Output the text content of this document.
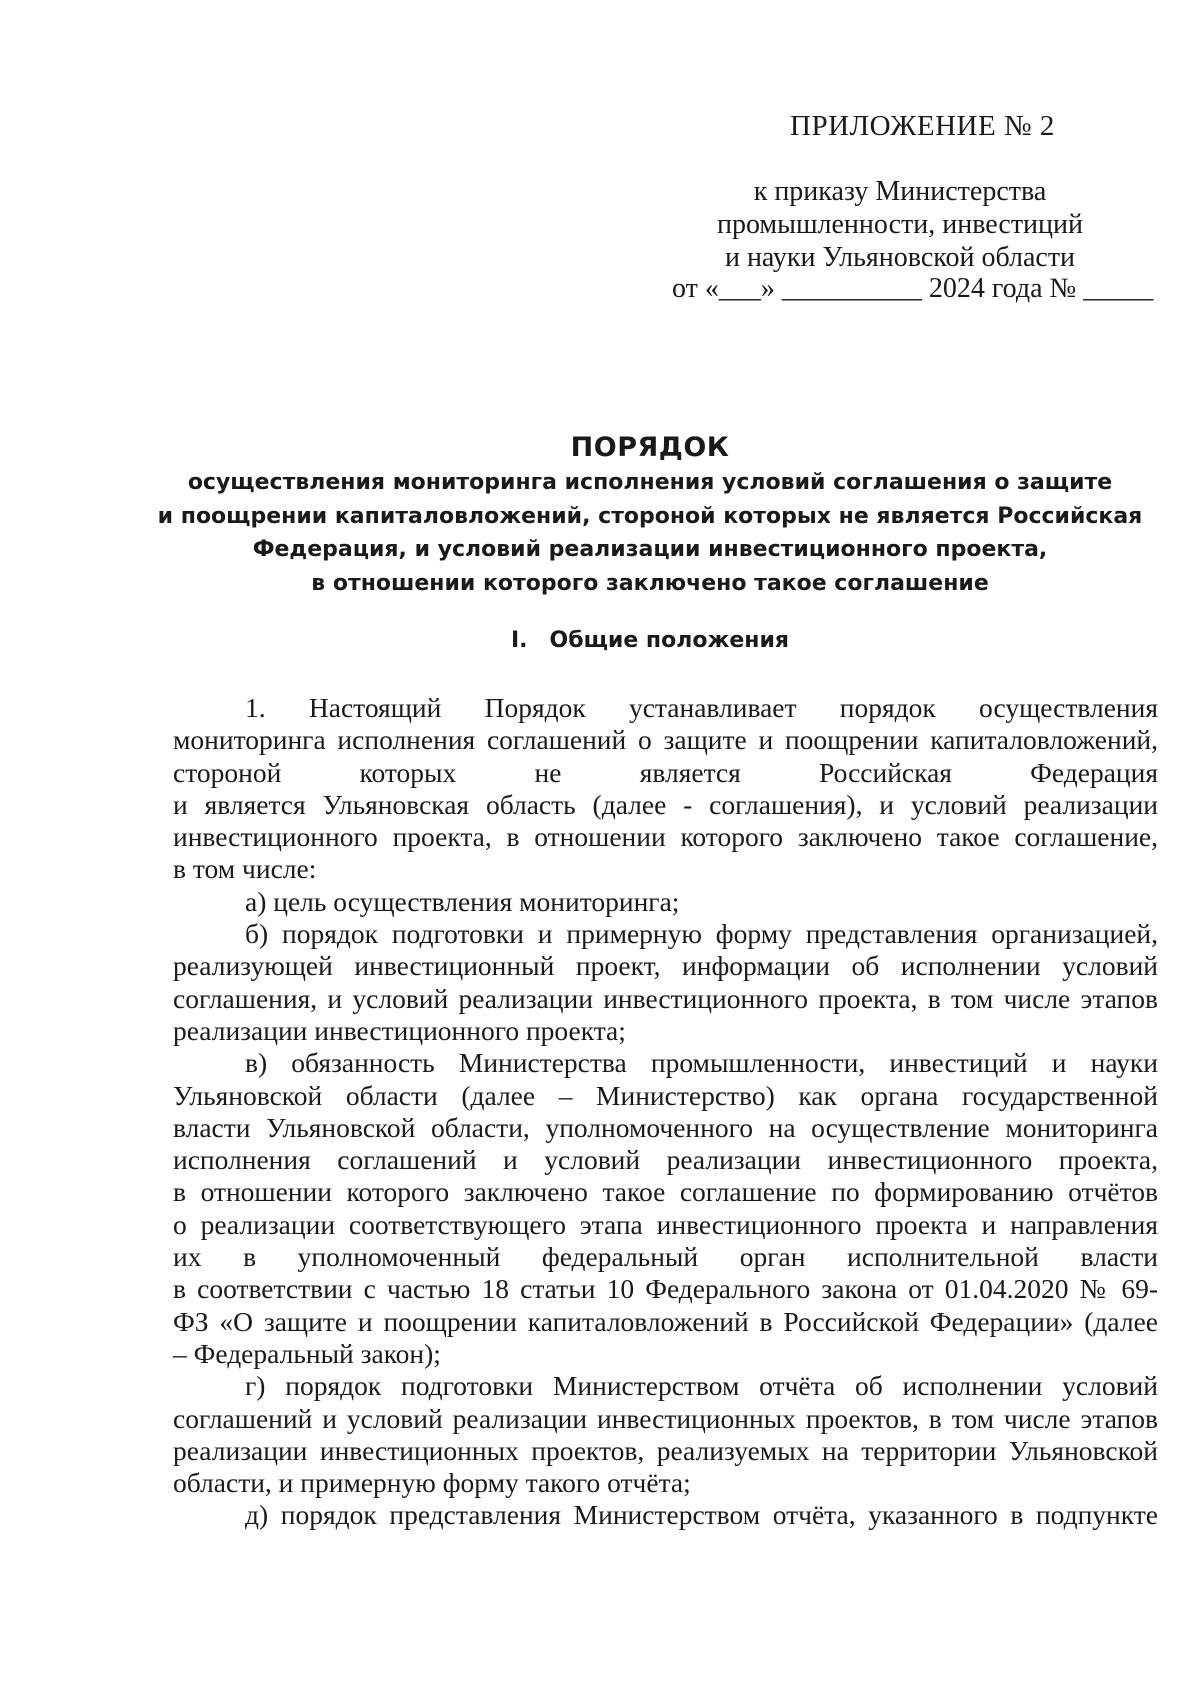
ПРИЛОЖЕНИЕ № 2
к приказу Министерства
промышленности, инвестиций
и науки Ульяновской области
от «___» __________ 2024 года № _____
ПОРЯДОК
осуществления мониторинга исполнения условий соглашения о защите
и поощрении капиталовложений, стороной которых не является Российская
Федерация, и условий реализации инвестиционного проекта,
в отношении которого заключено такое соглашение
I. Общие положения

1. Настоящий Порядок устанавливает порядок осуществления

мониторинга исполнения соглашений о защите и поощрении капиталовложений,

стороной которых не является Российская Федерация

и является Ульяновская область (далее - соглашения), и условий реализации

инвестиционного проекта, в отношении которого заключено такое соглашение,

в том числе:

а) цель осуществления мониторинга;

б) порядок подготовки и примерную форму представления организацией,

реализующей инвестиционный проект, информации об исполнении условий

соглашения, и условий реализации инвестиционного проекта, в том числе этапов

реализации инвестиционного проекта;

в) обязанность Министерства промышленности, инвестиций и науки

Ульяновской области (далее – Министерство) как органа государственной

власти Ульяновской области, уполномоченного на осуществление мониторинга

исполнения соглашений и условий реализации инвестиционного проекта,

в отношении которого заключено такое соглашение по формированию отчётов

о реализации соответствующего этапа инвестиционного проекта и направления

их в уполномоченный федеральный орган исполнительной власти

в соответствии с частью 18 статьи 10 Федерального закона от 01.04.2020 № 69-

ФЗ «О защите и поощрении капиталовложений в Российской Федерации» (далее

– Федеральный закон);

г) порядок подготовки Министерством отчёта об исполнении условий

соглашений и условий реализации инвестиционных проектов, в том числе этапов

реализации инвестиционных проектов, реализуемых на территории Ульяновской

области, и примерную форму такого отчёта;

д) порядок представления Министерством отчёта, указанного в подпункте
